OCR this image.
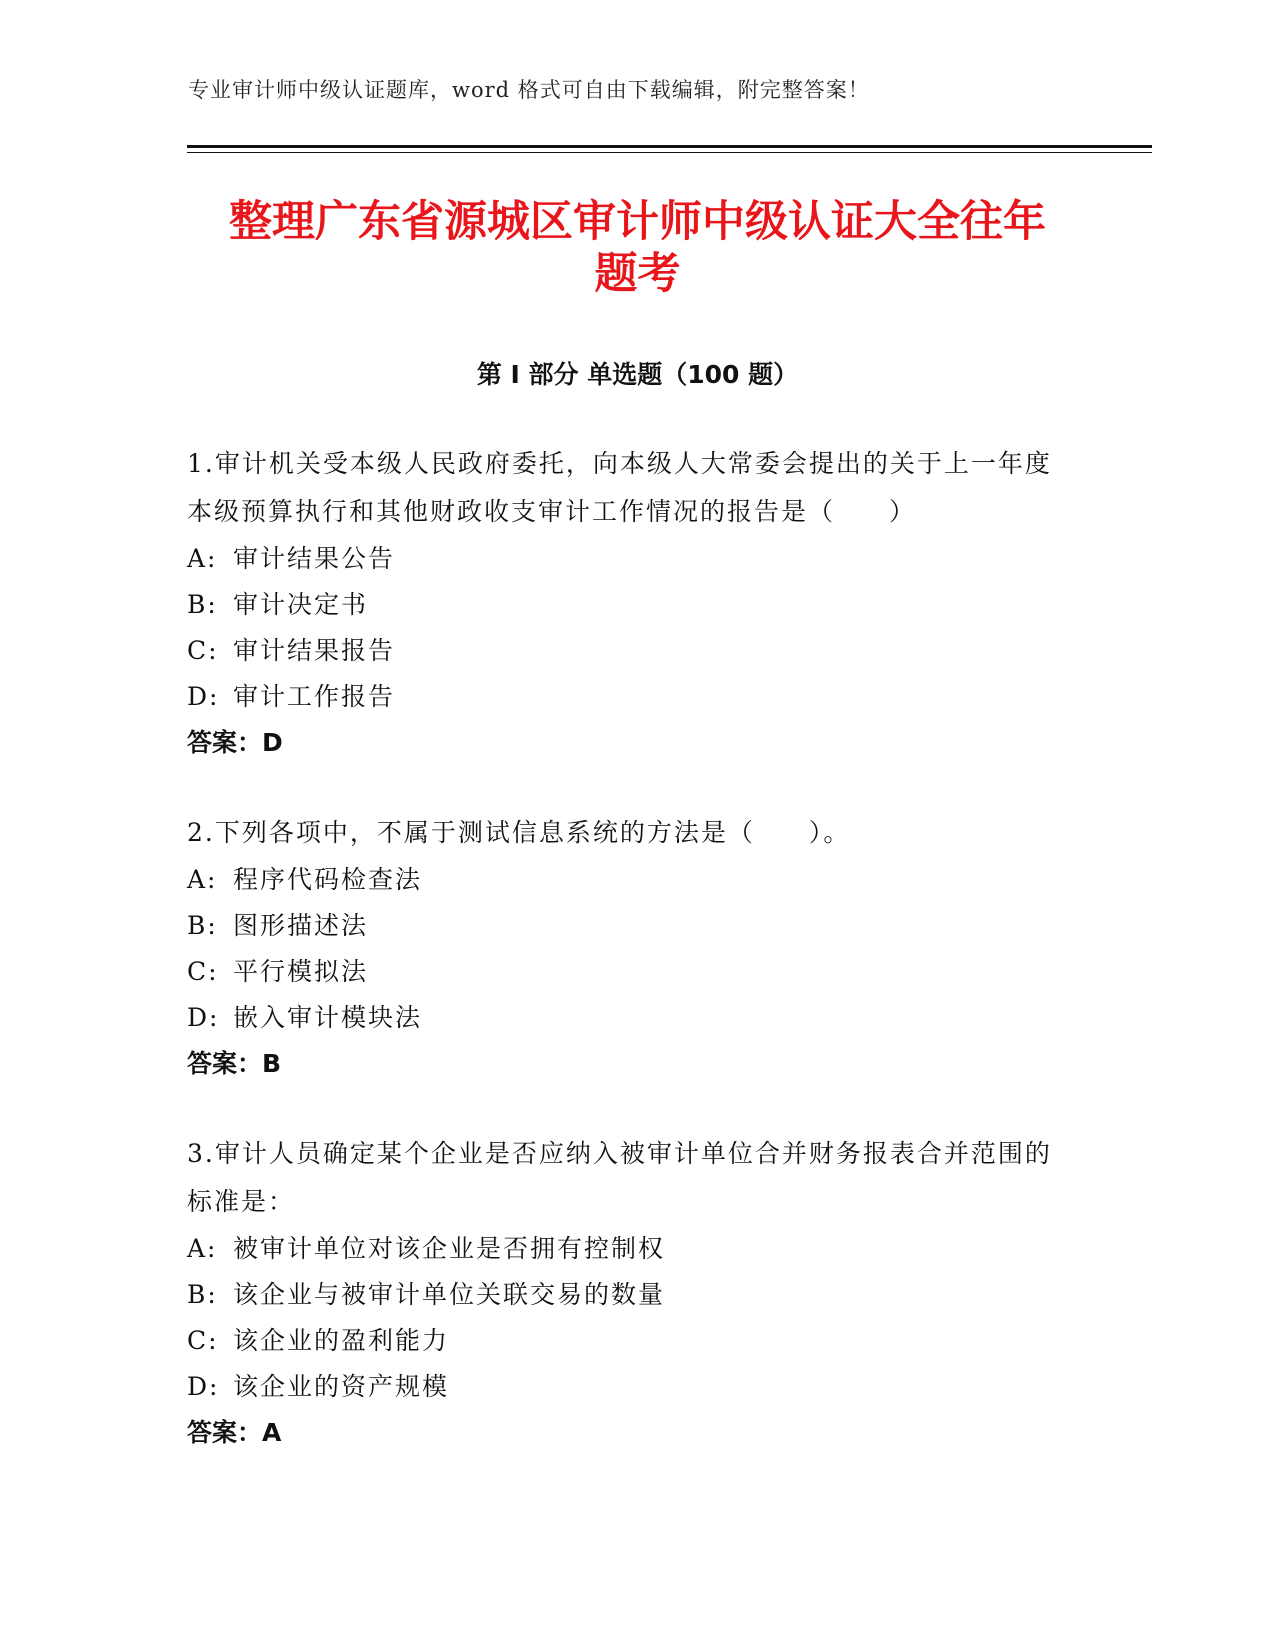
专业审计师中级认证题库，word 格式可自由下载编辑，附完整答案！
整理广东省源城区审计师中级认证大全往年
题考
第 I 部分 单选题（100 题）

1.审计机关受本级人民政府委托，向本级人大常委会提出的关于上一年度本级预算执行和其他财政收支审计工作情况的报告是（　　）

A: 审计结果公告
B: 审计决定书
C: 审计结果报告
D: 审计工作报告
答案：D

2.下列各项中，不属于测试信息系统的方法是（　　）。

A: 程序代码检查法
B: 图形描述法
C: 平行模拟法
D: 嵌入审计模块法
答案：B

3.审计人员确定某个企业是否应纳入被审计单位合并财务报表合并范围的标准是：

A: 被审计单位对该企业是否拥有控制权
B: 该企业与被审计单位关联交易的数量
C: 该企业的盈利能力
D: 该企业的资产规模
答案：A
